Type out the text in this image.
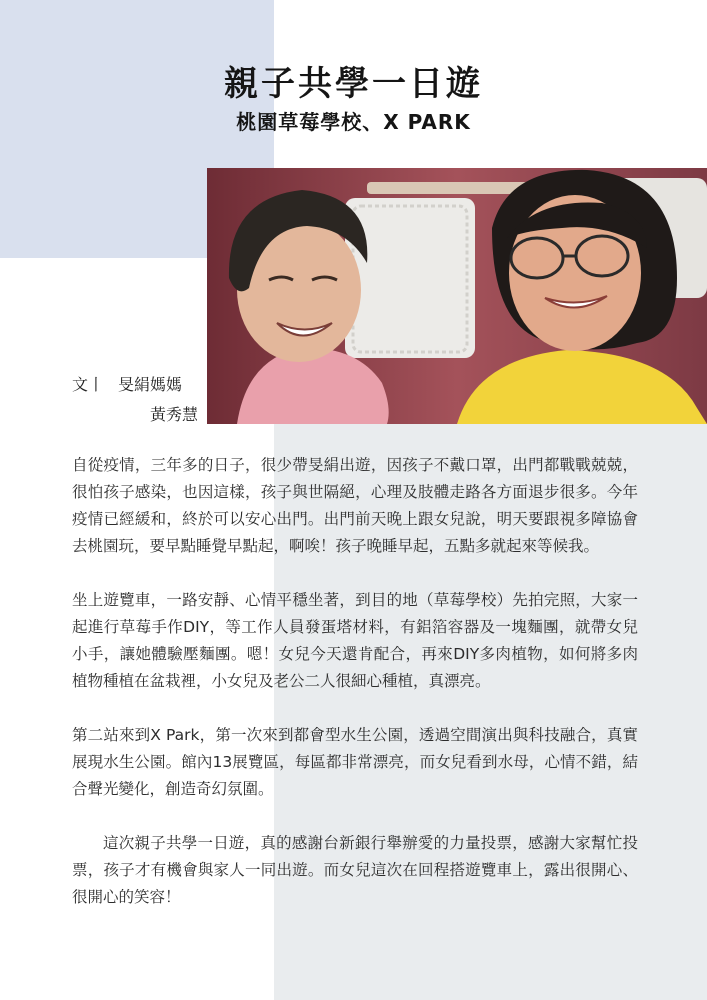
親子共學一日遊
桃園草莓學校、X PARK
文丨 旻絹媽媽
黃秀慧

自從疫情，三年多的日子，很少帶旻絹出遊，因孩子不戴口罩，出門都戰戰兢兢，很怕孩子感染，也因這樣，孩子與世隔絕，心理及肢體走路各方面退步很多。今年疫情已經緩和，終於可以安心出門。出門前天晚上跟女兒說，明天要跟視多障協會去桃園玩，要早點睡覺早點起，啊唉！孩子晚睡早起，五點多就起來等候我。

坐上遊覽車，一路安靜、心情平穩坐著，到目的地（草莓學校）先拍完照，大家一起進行草莓手作DIY，等工作人員發蛋塔材料，有鋁箔容器及一塊麵團，就帶女兒小手，讓她體驗壓麵團。嗯！女兒今天還肯配合，再來DIY多肉植物，如何將多肉植物種植在盆栽裡，小女兒及老公二人很細心種植，真漂亮。

第二站來到X Park，第一次來到都會型水生公園，透過空間演出與科技融合，真實展現水生公園。館內13展覽區，每區都非常漂亮，而女兒看到水母，心情不錯，結合聲光變化，創造奇幻氛圍。

這次親子共學一日遊，真的感謝台新銀行舉辦愛的力量投票，感謝大家幫忙投票，孩子才有機會與家人一同出遊。而女兒這次在回程搭遊覽車上，露出很開心、很開心的笑容！
